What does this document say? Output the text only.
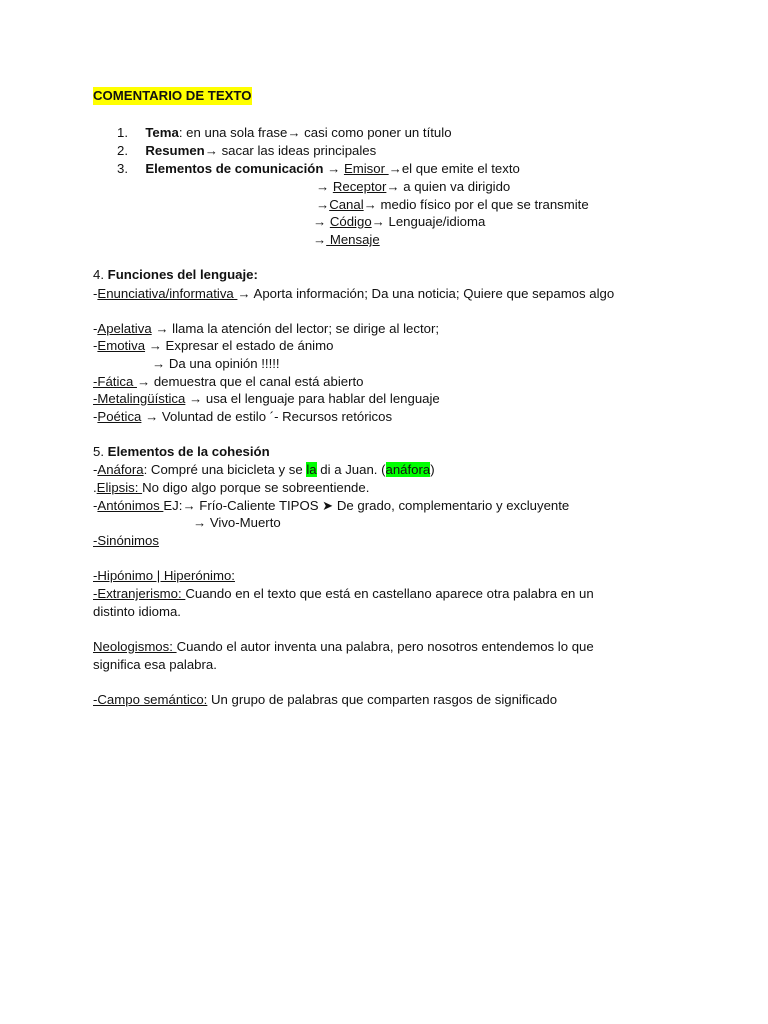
COMENTARIO DE TEXTO
1. Tema: en una sola frase→ casi como poner un título
2. Resumen→ sacar las ideas principales
3. Elementos de comunicación → Emisor →el que emite el texto
→ Receptor→ a quien va dirigido
→Canal→ medio físico por el que se transmite
→ Código→ Lenguaje/idioma
→ Mensaje
4. Funciones del lenguaje:
-Enunciativa/informativa → Aporta información; Da una noticia; Quiere que sepamos algo
-Apelativa → llama la atención del lector; se dirige al lector;
-Emotiva → Expresar el estado de ánimo
→ Da una opinión !!!!!
-Fática → demuestra que el canal está abierto
-Metalingüística → usa el lenguaje para hablar del lenguaje
-Poética → Voluntad de estilo ´- Recursos retóricos
5. Elementos de la cohesión
-Anáfora: Compré una bicicleta y se la di a Juan. (anáfora)
.Elipsis: No digo algo porque se sobreentiende.
-Antónimos EJ:→ Frío-Caliente TIPOS ➤ De grado, complementario y excluyente
→ Vivo-Muerto
-Sinónimos
-Hipónimo | Hiperónimo:
-Extranjerismo: Cuando en el texto que está en castellano aparece otra palabra en un
distinto idioma.
Neologismos: Cuando el autor inventa una palabra, pero nosotros entendemos lo que
significa esa palabra.
-Campo semántico: Un grupo de palabras que comparten rasgos de significado
